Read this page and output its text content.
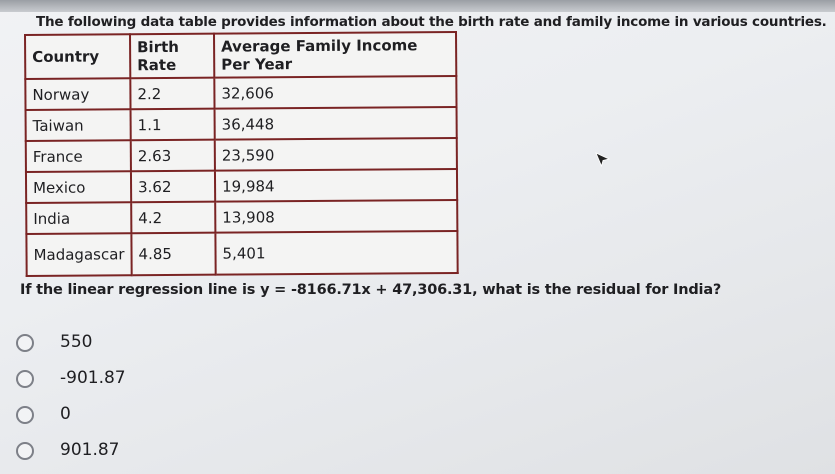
The following data table provides information about the birth rate and family income in various countries.
Country	Birth Rate	Average Family Income Per Year
Norway	2.2	32,606
Taiwan	1.1	36,448
France	2.63	23,590
Mexico	3.62	19,984
India	4.2	13,908
Madagascar	4.85	5,401
If the linear regression line is y = -8166.71x + 47,306.31, what is the residual for India?
550
-901.87
0
901.87
